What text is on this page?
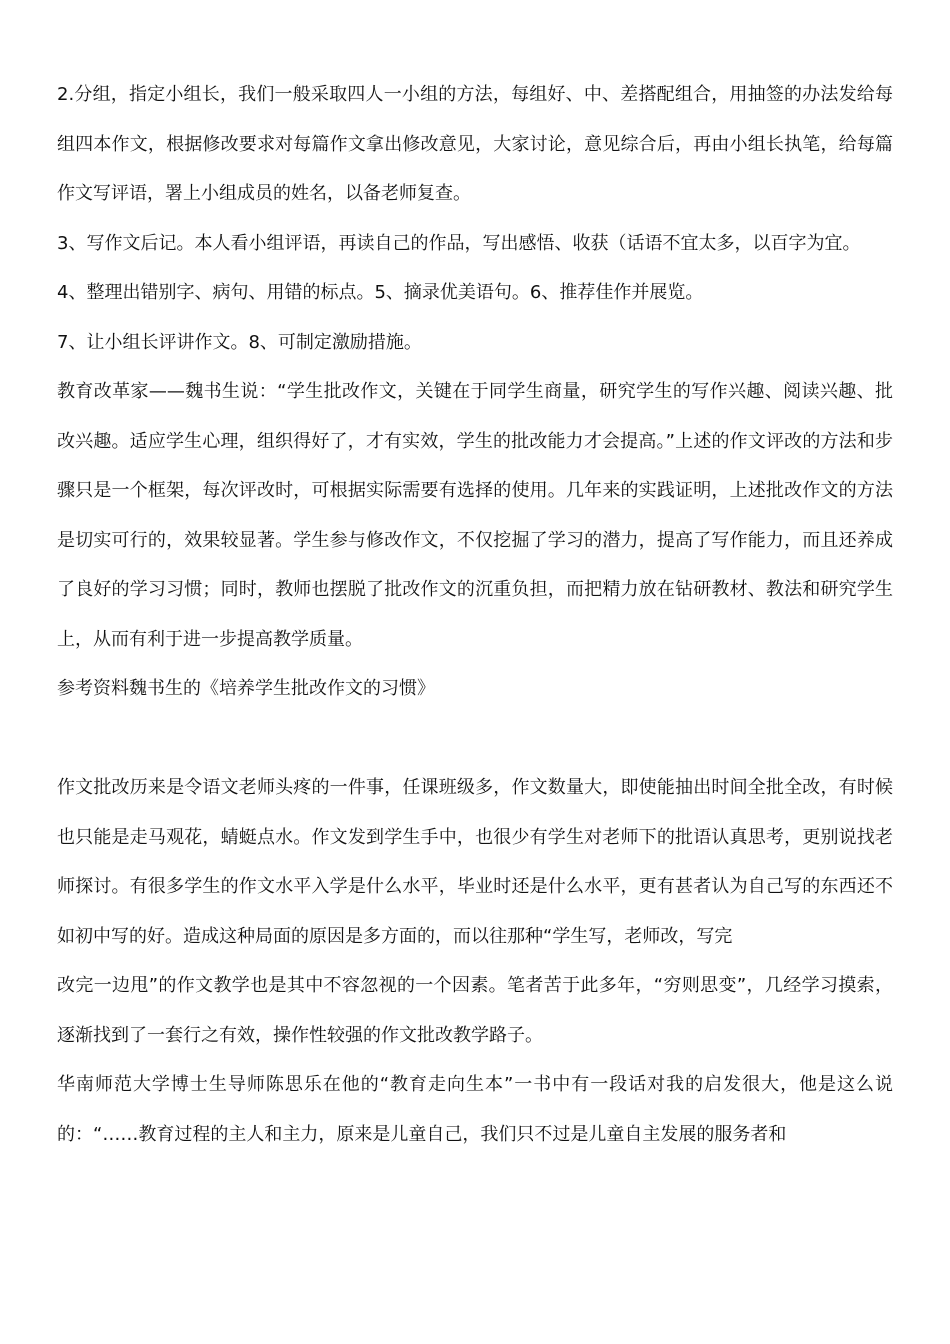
2.分组，指定小组长，我们一般采取四人一小组的方法，每组好、中、差搭配组合，用抽签的办法发给每组四本作文，根据修改要求对每篇作文拿出修改意见，大家讨论，意见综合后，再由小组长执笔，给每篇作文写评语，署上小组成员的姓名，以备老师复查。

3、写作文后记。本人看小组评语，再读自己的作品，写出感悟、收获（话语不宜太多，以百字为宜。

4、整理出错别字、病句、用错的标点。5、摘录优美语句。6、推荐佳作并展览。

7、让小组长评讲作文。8、可制定激励措施。

教育改革家——魏书生说：“学生批改作文，关键在于同学生商量，研究学生的写作兴趣、阅读兴趣、批改兴趣。适应学生心理，组织得好了，才有实效，学生的批改能力才会提高。”上述的作文评改的方法和步骤只是一个框架，每次评改时，可根据实际需要有选择的使用。几年来的实践证明，上述批改作文的方法是切实可行的，效果较显著。学生参与修改作文，不仅挖掘了学习的潜力，提高了写作能力，而且还养成了良好的学习习惯；同时，教师也摆脱了批改作文的沉重负担，而把精力放在钻研教材、教法和研究学生上，从而有利于进一步提高教学质量。

参考资料魏书生的《培养学生批改作文的习惯》

作文批改历来是令语文老师头疼的一件事，任课班级多，作文数量大，即使能抽出时间全批全改，有时候也只能是走马观花，蜻蜓点水。作文发到学生手中，也很少有学生对老师下的批语认真思考，更别说找老师探讨。有很多学生的作文水平入学是什么水平，毕业时还是什么水平，更有甚者认为自己写的东西还不如初中写的好。造成这种局面的原因是多方面的，而以往那种“学生写，老师改，写完

改完一边甩”的作文教学也是其中不容忽视的一个因素。笔者苦于此多年，“穷则思变”，几经学习摸索，逐渐找到了一套行之有效，操作性较强的作文批改教学路子。

华南师范大学博士生导师陈思乐在他的“教育走向生本”一书中有一段话对我的启发很大，他是这么说的：“……教育过程的主人和主力，原来是儿童自己，我们只不过是儿童自主发展的服务者和
